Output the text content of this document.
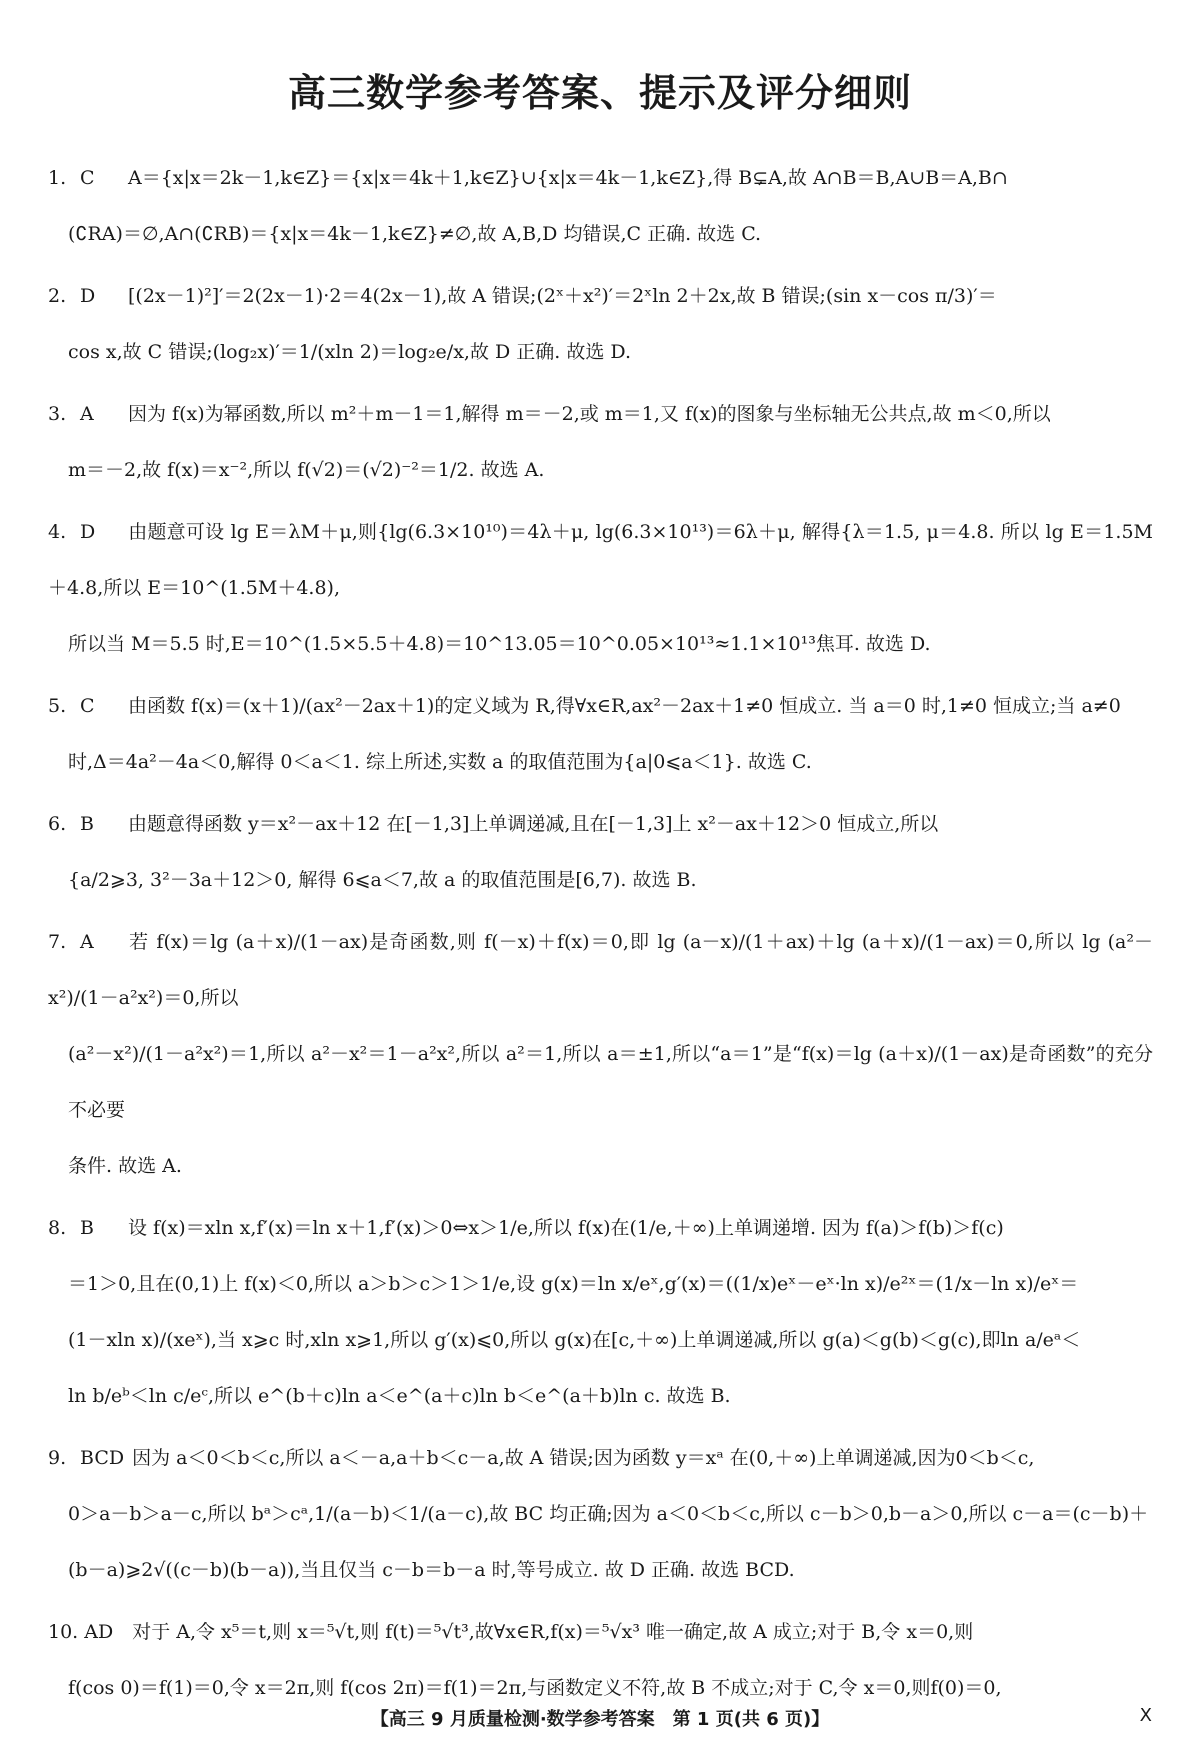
高三数学参考答案、提示及评分细则
1. C A＝{x|x＝2k－1,k∈Z}＝{x|x＝4k＋1,k∈Z}∪{x|x＝4k－1,k∈Z},得 B⊊A,故 A∩B＝B,A∪B＝A,B∩
(∁RA)＝∅,A∩(∁RB)＝{x|x＝4k－1,k∈Z}≠∅,故 A,B,D 均错误,C 正确. 故选 C.
2. D [(2x－1)²]′＝2(2x－1)·2＝4(2x－1),故 A 错误;(2ˣ＋x²)′＝2ˣln 2＋2x,故 B 错误;(sin x－cos π/3)′＝
cos x,故 C 错误;(log₂x)′＝1/(xln 2)＝log₂e/x,故 D 正确. 故选 D.
3. A 因为 f(x)为幂函数,所以 m²＋m－1＝1,解得 m＝－2,或 m＝1,又 f(x)的图象与坐标轴无公共点,故 m＜0,所以
m＝－2,故 f(x)＝x⁻²,所以 f(√2)＝(√2)⁻²＝1/2. 故选 A.
4. D 由题意可设 lg E＝λM＋μ,则{lg(6.3×10¹⁰)＝4λ＋μ, lg(6.3×10¹³)＝6λ＋μ, 解得{λ＝1.5, μ＝4.8. 所以 lg E＝1.5M＋4.8,所以 E＝10^(1.5M＋4.8),
所以当 M＝5.5 时,E＝10^(1.5×5.5＋4.8)＝10^13.05＝10^0.05×10¹³≈1.1×10¹³焦耳. 故选 D.
5. C 由函数 f(x)＝(x＋1)/(ax²－2ax＋1)的定义域为 R,得∀x∈R,ax²－2ax＋1≠0 恒成立. 当 a＝0 时,1≠0 恒成立;当 a≠0
时,Δ＝4a²－4a＜0,解得 0＜a＜1. 综上所述,实数 a 的取值范围为{a|0⩽a＜1}. 故选 C.
6. B 由题意得函数 y＝x²－ax＋12 在[－1,3]上单调递减,且在[－1,3]上 x²－ax＋12＞0 恒成立,所以
{a/2⩾3, 3²－3a＋12＞0, 解得 6⩽a＜7,故 a 的取值范围是[6,7). 故选 B.
7. A 若 f(x)＝lg (a＋x)/(1－ax)是奇函数,则 f(－x)＋f(x)＝0,即 lg (a－x)/(1＋ax)＋lg (a＋x)/(1－ax)＝0,所以 lg (a²－x²)/(1－a²x²)＝0,所以
(a²－x²)/(1－a²x²)＝1,所以 a²－x²＝1－a²x²,所以 a²＝1,所以 a＝±1,所以“a＝1”是“f(x)＝lg (a＋x)/(1－ax)是奇函数”的充分不必要
条件. 故选 A.
8. B 设 f(x)＝xln x,f′(x)＝ln x＋1,f′(x)＞0⇔x＞1/e,所以 f(x)在(1/e,＋∞)上单调递增. 因为 f(a)＞f(b)＞f(c)
＝1＞0,且在(0,1)上 f(x)＜0,所以 a＞b＞c＞1＞1/e,设 g(x)＝ln x/eˣ,g′(x)＝((1/x)eˣ－eˣ·ln x)/e²ˣ＝(1/x－ln x)/eˣ＝
(1－xln x)/(xeˣ),当 x⩾c 时,xln x⩾1,所以 g′(x)⩽0,所以 g(x)在[c,＋∞)上单调递减,所以 g(a)＜g(b)＜g(c),即ln a/eᵃ＜
ln b/eᵇ＜ln c/eᶜ,所以 e^(b＋c)ln a＜e^(a＋c)ln b＜e^(a＋b)ln c. 故选 B.
9. BCD 因为 a＜0＜b＜c,所以 a＜－a,a＋b＜c－a,故 A 错误;因为函数 y＝xᵃ 在(0,＋∞)上单调递减,因为0＜b＜c,
0＞a－b＞a－c,所以 bᵃ＞cᵃ,1/(a－b)＜1/(a－c),故 BC 均正确;因为 a＜0＜b＜c,所以 c－b＞0,b－a＞0,所以 c－a＝(c－b)＋
(b－a)⩾2√((c－b)(b－a)),当且仅当 c－b＝b－a 时,等号成立. 故 D 正确. 故选 BCD.
10. AD 对于 A,令 x⁵＝t,则 x＝⁵√t,则 f(t)＝⁵√t³,故∀x∈R,f(x)＝⁵√x³ 唯一确定,故 A 成立;对于 B,令 x＝0,则
f(cos 0)＝f(1)＝0,令 x＝2π,则 f(cos 2π)＝f(1)＝2π,与函数定义不符,故 B 不成立;对于 C,令 x＝0,则f(0)＝0,
【高三 9 月质量检测·数学参考答案　第 1 页(共 6 页)】	X
